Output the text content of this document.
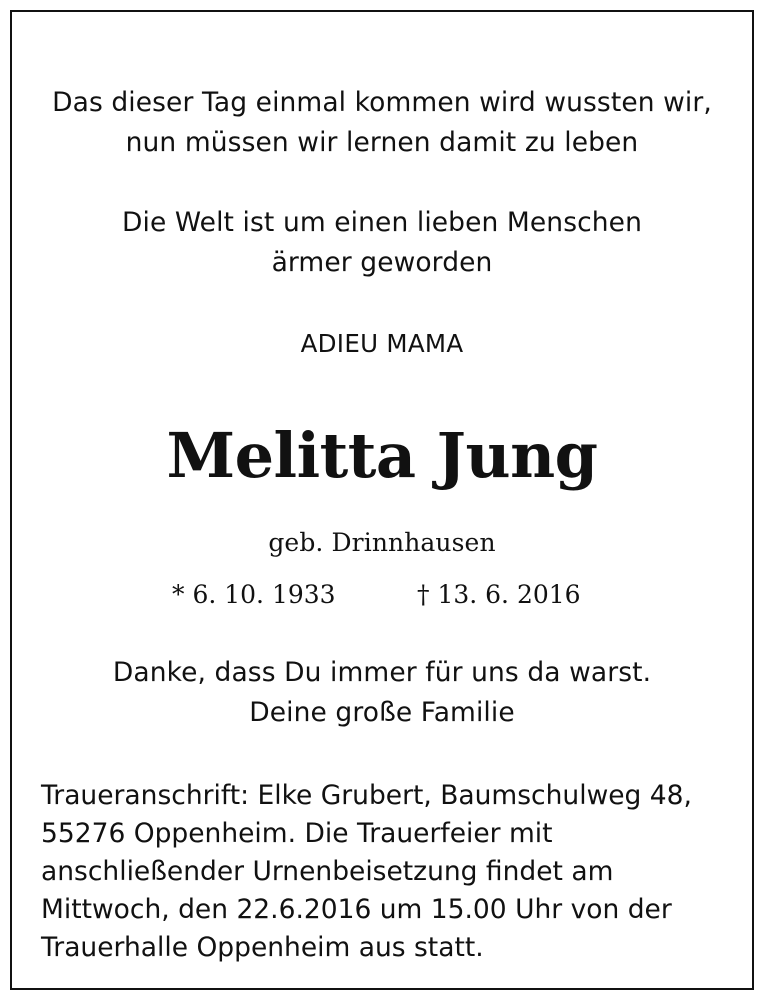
Das dieser Tag einmal kommen wird wussten wir,
nun müssen wir lernen damit zu leben
Die Welt ist um einen lieben Menschen
ärmer geworden
ADIEU MAMA
Melitta Jung
geb. Drinnhausen
* 6. 10. 1933	† 13. 6. 2016
Danke, dass Du immer für uns da warst.
Deine große Familie
Traueranschrift: Elke Grubert, Baumschulweg 48,
55276 Oppenheim. Die Trauerfeier mit
anschließender Urnenbeisetzung findet am
Mittwoch, den 22.6.2016 um 15.00 Uhr von der
Trauerhalle Oppenheim aus statt.
